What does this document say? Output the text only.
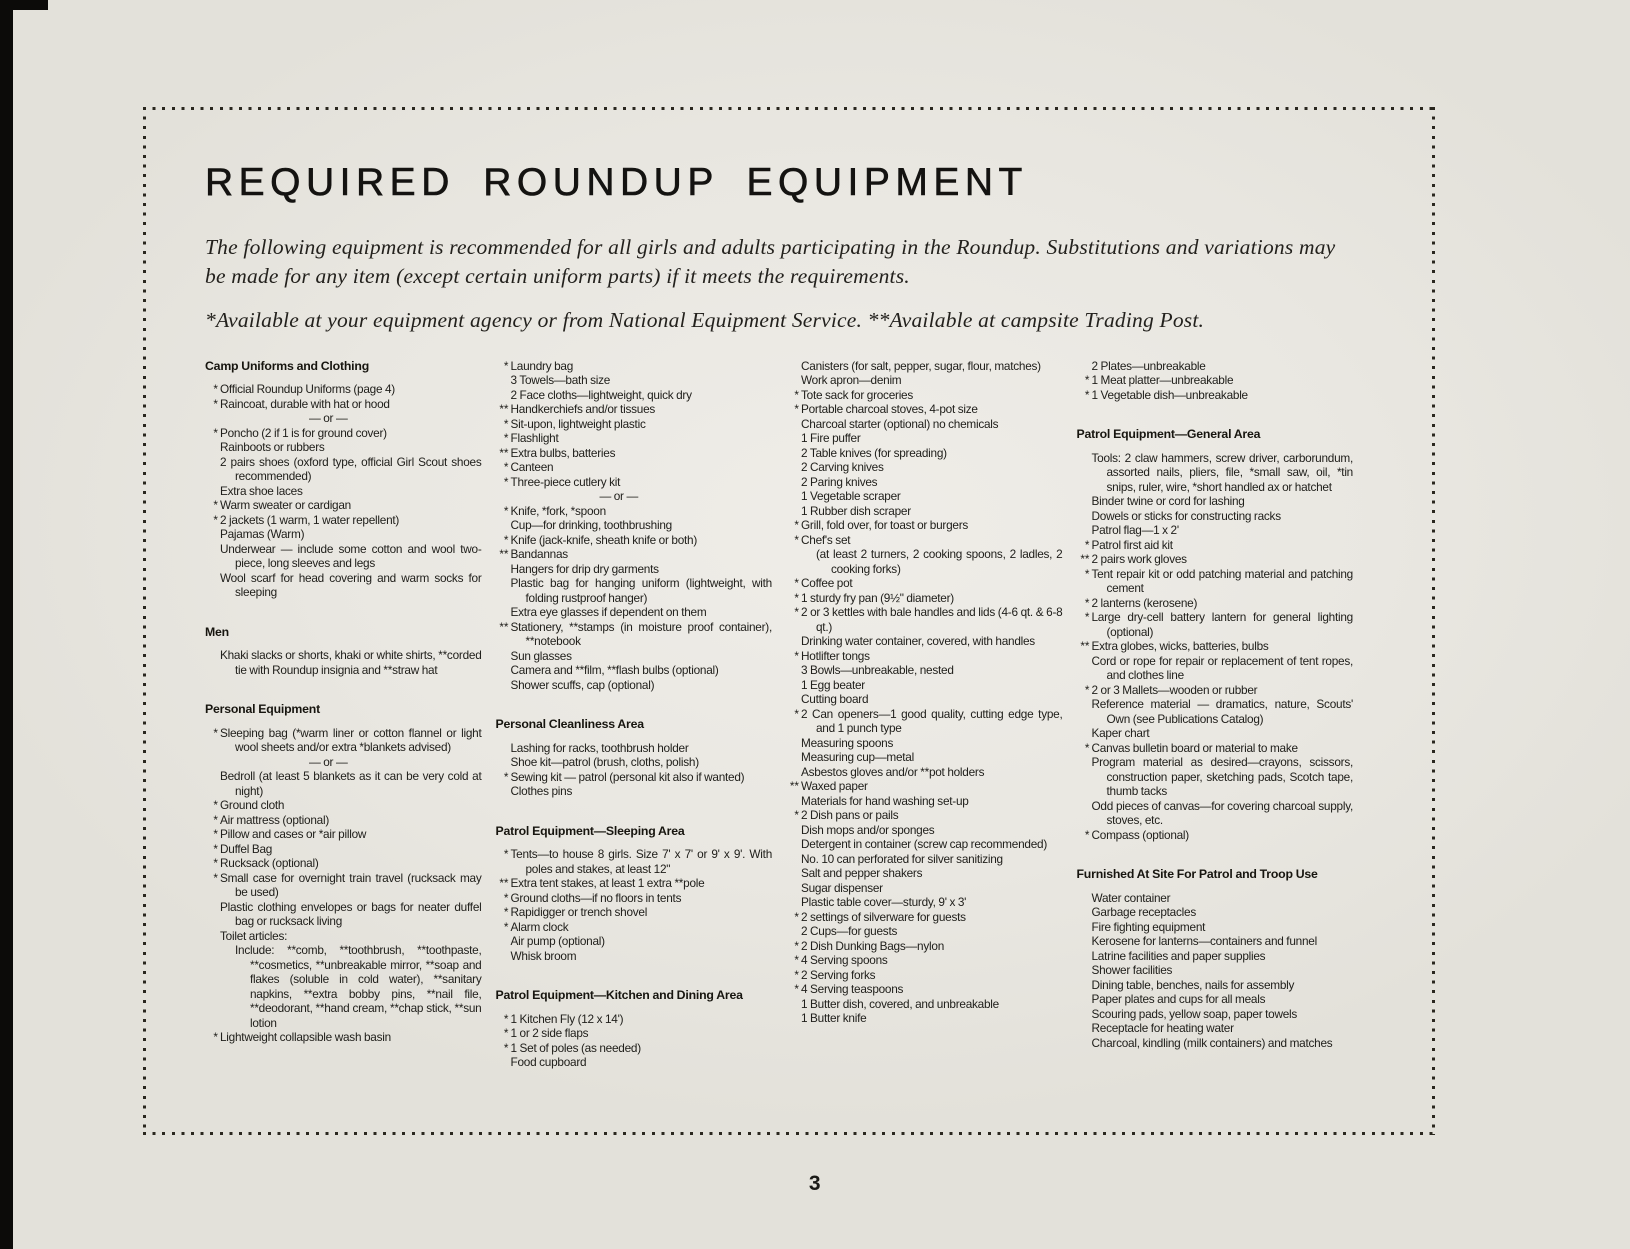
REQUIRED ROUNDUP EQUIPMENT
The following equipment is recommended for all girls and adults participating in the Roundup. Substitutions and variations may be made for any item (except certain uniform parts) if it meets the requirements.
*Available at your equipment agency or from National Equipment Service. **Available at campsite Trading Post.
Camp Uniforms and Clothing
* Official Roundup Uniforms (page 4)
* Raincoat, durable with hat or hood
— or —
* Poncho (2 if 1 is for ground cover)
Rainboots or rubbers
2 pairs shoes (oxford type, official Girl Scout shoes recommended)
Extra shoe laces
* Warm sweater or cardigan
* 2 jackets (1 warm, 1 water repellent)
Pajamas (Warm)
Underwear — include some cotton and wool two-piece, long sleeves and legs
Wool scarf for head covering and warm socks for sleeping
Men
Khaki slacks or shorts, khaki or white shirts, **corded tie with Roundup insignia and **straw hat
Personal Equipment
* Sleeping bag (*warm liner or cotton flannel or light wool sheets and/or extra *blankets advised)
— or —
Bedroll (at least 5 blankets as it can be very cold at night)
* Ground cloth
* Air mattress (optional)
* Pillow and cases or *air pillow
* Duffel Bag
* Rucksack (optional)
* Small case for overnight train travel (rucksack may be used)
Plastic clothing envelopes or bags for neater duffel bag or rucksack living
Toilet articles:
Include: **comb, **toothbrush, **toothpaste, **cosmetics, **unbreakable mirror, **soap and flakes (soluble in cold water), **sanitary napkins, **extra bobby pins, **nail file, **deodorant, **hand cream, **chap stick, **sun lotion
* Lightweight collapsible wash basin
* Laundry bag
3 Towels—bath size
2 Face cloths—lightweight, quick dry
** Handkerchiefs and/or tissues
* Sit-upon, lightweight plastic
* Flashlight
** Extra bulbs, batteries
* Canteen
* Three-piece cutlery kit
— or —
* Knife, *fork, *spoon
Cup—for drinking, toothbrushing
* Knife (jack-knife, sheath knife or both)
** Bandannas
Hangers for drip dry garments
Plastic bag for hanging uniform (lightweight, with folding rustproof hanger)
Extra eye glasses if dependent on them
** Stationery, **stamps (in moisture proof container), **notebook
Sun glasses
Camera and **film, **flash bulbs (optional)
Shower scuffs, cap (optional)
Personal Cleanliness Area
Lashing for racks, toothbrush holder
Shoe kit—patrol (brush, cloths, polish)
* Sewing kit — patrol (personal kit also if wanted)
Clothes pins
Patrol Equipment—Sleeping Area
* Tents—to house 8 girls. Size 7' x 7' or 9' x 9'. With poles and stakes, at least 12"
** Extra tent stakes, at least 1 extra **pole
* Ground cloths—if no floors in tents
* Rapidigger or trench shovel
* Alarm clock
Air pump (optional)
Whisk broom
Patrol Equipment—Kitchen and Dining Area
* 1 Kitchen Fly (12 x 14')
* 1 or 2 side flaps
* 1 Set of poles (as needed)
Food cupboard
Canisters (for salt, pepper, sugar, flour, matches)
Work apron—denim
* Tote sack for groceries
* Portable charcoal stoves, 4-pot size
Charcoal starter (optional) no chemicals
1 Fire puffer
2 Table knives (for spreading)
2 Carving knives
2 Paring knives
1 Vegetable scraper
1 Rubber dish scraper
* Grill, fold over, for toast or burgers
* Chef's set
(at least 2 turners, 2 cooking spoons, 2 ladles, 2 cooking forks)
* Coffee pot
* 1 sturdy fry pan (9½" diameter)
* 2 or 3 kettles with bale handles and lids (4-6 qt. & 6-8 qt.)
Drinking water container, covered, with handles
* Hotlifter tongs
3 Bowls—unbreakable, nested
1 Egg beater
Cutting board
* 2 Can openers—1 good quality, cutting edge type, and 1 punch type
Measuring spoons
Measuring cup—metal
Asbestos gloves and/or **pot holders
** Waxed paper
Materials for hand washing set-up
* 2 Dish pans or pails
Dish mops and/or sponges
Detergent in container (screw cap recommended)
No. 10 can perforated for silver sanitizing
Salt and pepper shakers
Sugar dispenser
Plastic table cover—sturdy, 9' x 3'
* 2 settings of silverware for guests
2 Cups—for guests
* 2 Dish Dunking Bags—nylon
* 4 Serving spoons
* 2 Serving forks
* 4 Serving teaspoons
1 Butter dish, covered, and unbreakable
1 Butter knife
2 Plates—unbreakable
* 1 Meat platter—unbreakable
* 1 Vegetable dish—unbreakable
Patrol Equipment—General Area
Tools: 2 claw hammers, screw driver, carborundum, assorted nails, pliers, file, *small saw, oil, *tin snips, ruler, wire, *short handled ax or hatchet
Binder twine or cord for lashing
Dowels or sticks for constructing racks
Patrol flag—1 x 2'
* Patrol first aid kit
** 2 pairs work gloves
* Tent repair kit or odd patching material and patching cement
* 2 lanterns (kerosene)
* Large dry-cell battery lantern for general lighting (optional)
** Extra globes, wicks, batteries, bulbs
Cord or rope for repair or replacement of tent ropes, and clothes line
* 2 or 3 Mallets—wooden or rubber
Reference material — dramatics, nature, Scouts' Own (see Publications Catalog)
Kaper chart
* Canvas bulletin board or material to make
Program material as desired—crayons, scissors, construction paper, sketching pads, Scotch tape, thumb tacks
Odd pieces of canvas—for covering charcoal supply, stoves, etc.
* Compass (optional)
Furnished At Site For Patrol and Troop Use
Water container
Garbage receptacles
Fire fighting equipment
Kerosene for lanterns—containers and funnel
Latrine facilities and paper supplies
Shower facilities
Dining table, benches, nails for assembly
Paper plates and cups for all meals
Scouring pads, yellow soap, paper towels
Receptacle for heating water
Charcoal, kindling (milk containers) and matches
3
